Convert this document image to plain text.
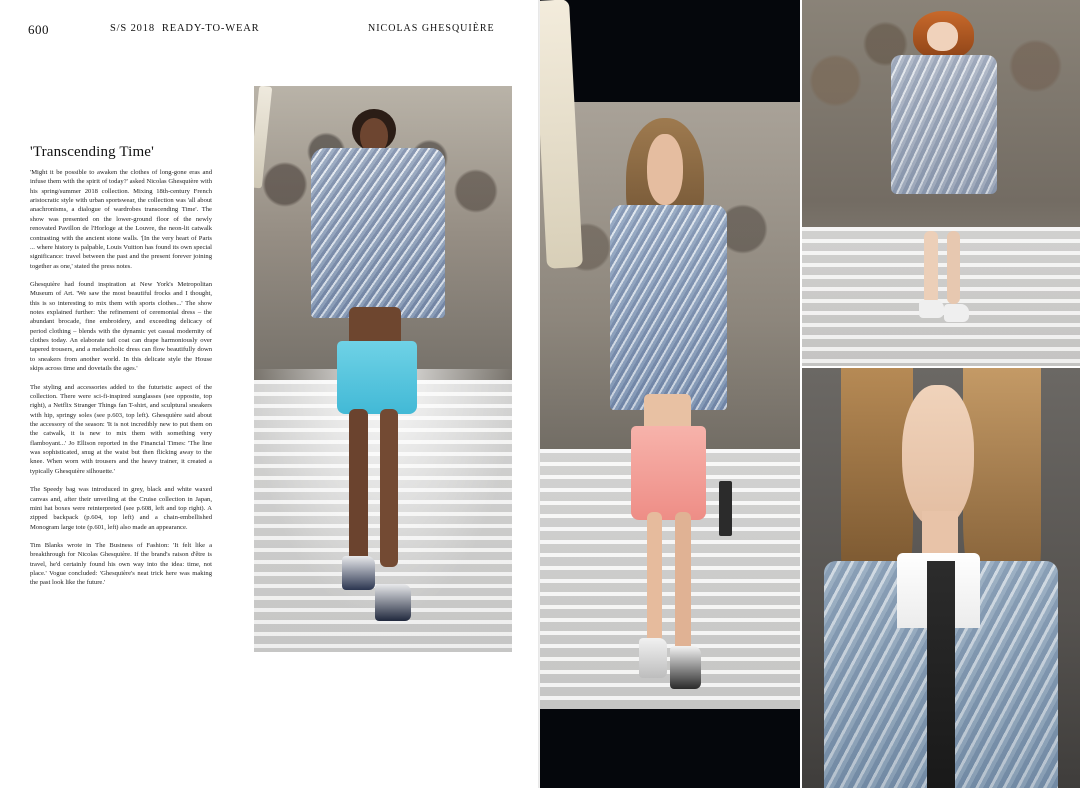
600	S/S 2018 READY-TO-WEAR	NICOLAS GHESQUIÈRE
'Transcending Time'

'Might it be possible to awaken the clothes of long-gone eras and infuse them with the spirit of today?' asked Nicolas Ghesquière with his spring/summer 2018 collection. Mixing 18th-century French aristocratic style with urban sportswear, the collection was 'all about anachronisms, a dialogue of wardrobes transcending Time'. The show was presented on the lower-ground floor of the newly renovated Pavillon de l'Horloge at the Louvre, the neon-lit catwalk contrasting with the ancient stone walls. '[In the very heart of Paris ... where history is palpable, Louis Vuitton has found its own special significance: travel between the past and the present forever joining together as one,' stated the press notes.

Ghesquière had found inspiration at New York's Metropolitan Museum of Art. 'We saw the most beautiful frocks and I thought, this is so interesting to mix them with sports clothes...' The show notes explained further: 'the refinement of ceremonial dress – the abundant brocade, fine embroidery, and exceeding delicacy of period clothing – blends with the dynamic yet casual modernity of clothes today. An elaborate tail coat can drape harmoniously over tapered trousers, and a melancholic dress can flow beautifully down to sneakers from another world. In this delicate style the House skips across time and dovetails the ages.'

The styling and accessories added to the futuristic aspect of the collection. There were sci-fi-inspired sunglasses (see opposite, top right), a Netflix Stranger Things fan T-shirt, and sculptural sneakers with hip, springy soles (see p.603, top left). Ghesquière said about the accessory of the season: 'It is not incredibly new to put them on the catwalk, it is new to mix them with something very flamboyant...' Jo Ellison reported in the Financial Times: 'The line was sophisticated, snug at the waist but then flicking away to the knee. When worn with trousers and the heavy trainer, it created a typically Ghesquière silhouette.'

The Speedy bag was introduced in grey, black and white waxed canvas and, after their unveiling at the Cruise collection in Japan, mini hat boxes were reinterpreted (see p.608, left and top right). A zipped backpack (p.604, top left) and a chain-embellished Monogram large tote (p.601, left) also made an appearance.

Tim Blanks wrote in The Business of Fashion: 'It felt like a breakthrough for Nicolas Ghesquière. If the brand's raison d'être is travel, he'd certainly found his own way into the idea: time, not place.' Vogue concluded: 'Ghesquière's neat trick here was making the past look like the future.'
